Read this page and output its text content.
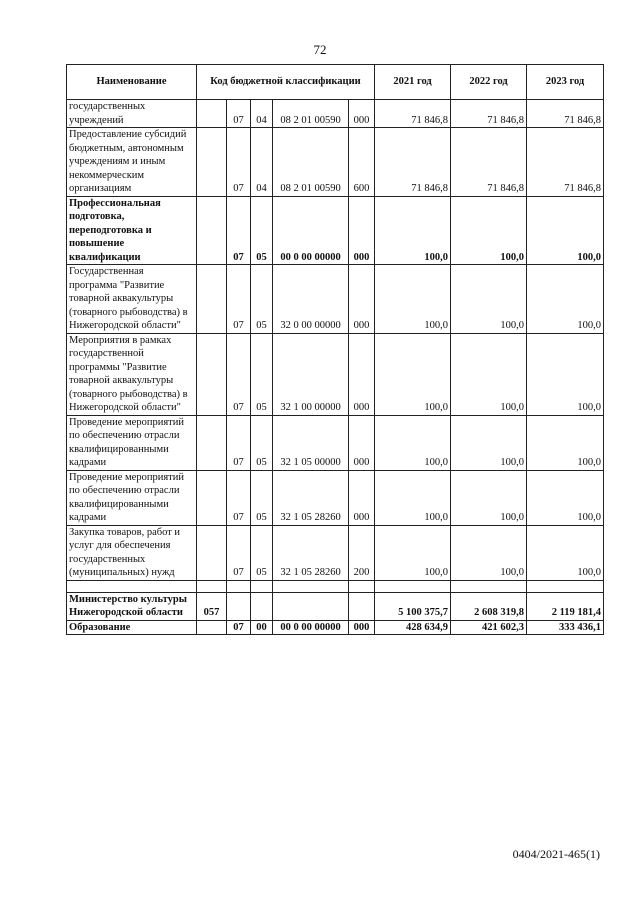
72
Наименование	Код бюджетной классификации					2021 год	2022 год	2023 год
государственных учреждений		07	04	08 2 01 00590	000	71 846,8	71 846,8	71 846,8
Предоставление субсидий бюджетным, автономным учреждениям и иным некоммерческим организациям		07	04	08 2 01 00590	600	71 846,8	71 846,8	71 846,8
Профессиональная подготовка, переподготовка и повышение квалификации		07	05	00 0 00 00000	000	100,0	100,0	100,0
Государственная программа "Развитие товарной аквакультуры (товарного рыбоводства) в Нижегородской области"		07	05	32 0 00 00000	000	100,0	100,0	100,0
Мероприятия в рамках государственной программы "Развитие товарной аквакультуры (товарного рыбоводства) в Нижегородской области"		07	05	32 1 00 00000	000	100,0	100,0	100,0
Проведение мероприятий по обеспечению отрасли квалифицированными кадрами		07	05	32 1 05 00000	000	100,0	100,0	100,0
Проведение мероприятий по обеспечению отрасли квалифицированными кадрами		07	05	32 1 05 28260	000	100,0	100,0	100,0
Закупка товаров, работ и услуг для обеспечения государственных (муниципальных) нужд		07	05	32 1 05 28260	200	100,0	100,0	100,0

Министерство культуры Нижегородской области	057					5 100 375,7	2 608 319,8	2 119 181,4
Образование		07	00	00 0 00 00000	000	428 634,9	421 602,3	333 436,1
0404/2021-465(1)
